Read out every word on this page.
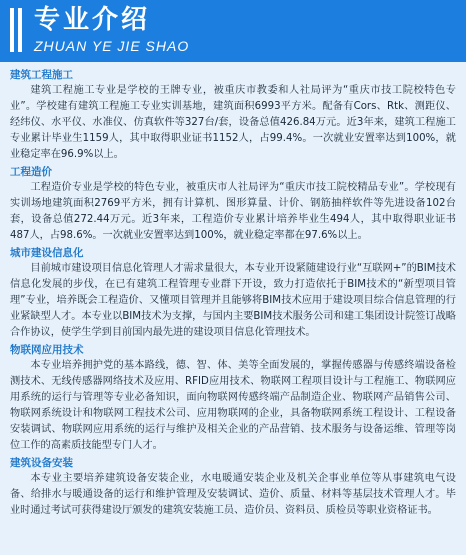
专业介绍
ZHUAN YE JIE SHAO
建筑工程施工

建筑工程施工专业是学校的王牌专业，被重庆市教委和人社局评为“重庆市技工院校特色专业”。学校建有建筑工程施工专业实训基地，建筑面积6993平方米。配备有Cors、Rtk、测距仪、经纬仪、水平仪、水准仪、仿真软件等327台/套，设备总值426.84万元。近3年来，建筑工程施工专业累计毕业生1159人，其中取得职业证书1152人，占99.4%。一次就业安置率达到100%，就业稳定率在96.9%以上。

工程造价

工程造价专业是学校的特色专业，被重庆市人社局评为“重庆市技工院校精品专业”。学校现有实训场地建筑面积2769平方米，拥有计算机、图形算量、计价、钢筋抽样软件等先进设备102台套，设备总值272.44万元。近3年来，工程造价专业累计培养毕业生494人，其中取得职业证书487人，占98.6%。一次就业安置率达到100%，就业稳定率都在97.6%以上。

城市建设信息化

目前城市建设项目信息化管理人才需求量很大，本专业开设紧随建设行业“互联网+”的BIM技术信息化发展的步伐，在已有建筑工程管理专业群下开设，致力打造依托于BIM技术的“新型项目管理”专业，培养既会工程造价、又懂项目管理并且能够将BIM技术应用于建设项目综合信息管理的行业紧缺型人才。本专业以BIM技术为支撑，与国内主要BIM技术服务公司和建工集团设计院签订战略合作协议，使学生学到目前国内最先进的建设项目信息化管理技术。

物联网应用技术

本专业培养拥护党的基本路线，德、智、体、美等全面发展的，掌握传感器与传感终端设备检测技术、无线传感器网络技术及应用、RFID应用技术、物联网工程项目设计与工程施工、物联网应用系统的运行与管理等专业必备知识，面向物联网传感终端产品制造企业、物联网产品销售公司、物联网系统设计和物联网工程技术公司、应用物联网的企业，具备物联网系统工程设计、工程设备安装调试、物联网应用系统的运行与维护及相关企业的产品营销、技术服务与设备运维、管理等岗位工作的高素质技能型专门人才。

建筑设备安装

本专业主要培养建筑设备安装企业，水电暖通安装企业及机关企事业单位等从事建筑电气设备、给排水与暖通设备的运行和维护管理及安装调试、造价、质量、材料等基层技术管理人才。毕业时通过考试可获得建设厅颁发的建筑安装施工员、造价员、资料员、质检员等职业资格证书。
